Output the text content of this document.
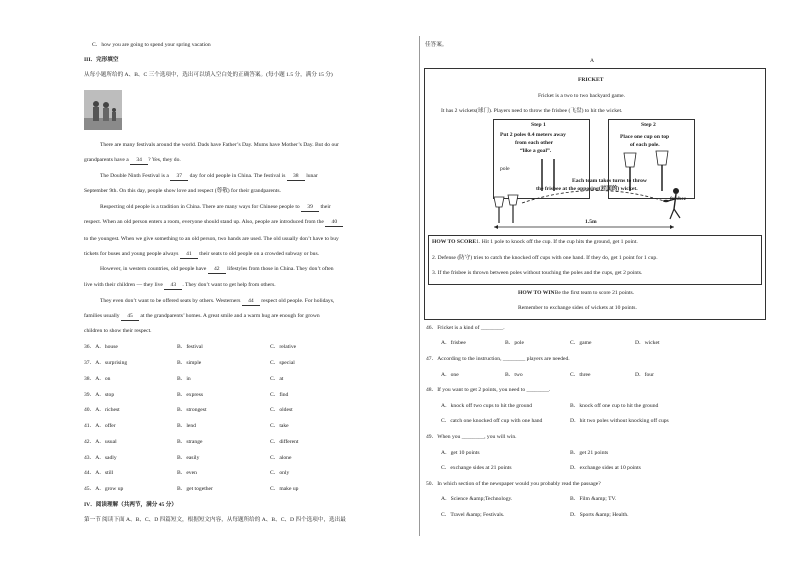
C．how you are going to spend your spring vacation
III．完形填空
从每小题所给的 A、B、C 三个选项中，选出可以填入空白处的正确答案。(每小题 1.5 分，满分 15 分)
There are many festivals around the world. Dads have Father’s Day. Mums have Mother’s Day. But do our
grandparents have a 34 ? Yes, they do.
The Double Ninth Festival is a 37 day for old people in China. The festival is 38 lunar
September 9th. On this day, people show love and respect (尊敬) for their grandparents.
Respecting old people is a tradition in China. There are many ways for Chinese people to 39 their
respect. When an old person enters a room, everyone should stand up. Also, people are introduced from the 40
to the youngest. When we give something to an old person, two hands are used. The old usually don’t have to buy
tickets for buses and young people always 41 their seats to old people on a crowded subway or bus.
However, in western countries, old people have 42 lifestyles from those in China. They don’t often
live with their children — they live 43 . They don’t want to get help from others.
They even don’t want to be offered seats by others. Westerners 44 respect old people. For holidays,
families usually 45 at the grandparents’ homes. A great smile and a warm hug are enough for grown
children to show their respect.
36．A．house	B．festival	C．relative
37．A．surprising	B．simple	C．special
38．A．on	B．in	C．at
39．A．stop	B．express	C．find
40．A．richest	B．strongest	C．oldest
41．A．offer	B．lend	C．take
42．A．usual	B．strange	C．different
43．A．sadly	B．easily	C．alone
44．A．still	B．even	C．only
45．A．grow up	B．get together	C．make up
IV．阅读理解（共两节，满分 45 分）
第一节 阅读下面 A、B、C、D 四篇短文，根据短文内容，从每题所给的 A、B、C、D 四个选项中，选出最
佳答案。
A
FRICKET
Fricket is a two to two backyard game.
It has 2 wickets(球门). Players need to throw the frisbee (飞盘) to hit the wicket.
Step 1
Put 2 poles 0.4 meters away
from each other
“like a goal”.
pole
Step 2
Place one cup on top
of each pole.
Each team takes turns to throw
the frisbee at the opposing(对面的) wicket.
frisbee
1.5m
HOW TO SCORE1. Hit 1 pole to knock off the cup. If the cup hits the ground, get 1 point.
2. Defense (防守) tries to catch the knocked off cups with one hand. If they do, get 1 point for 1 cup.
3. If the frisbee is thrown between poles without touching the poles and the cups, get 2 points.
HOW TO WINBe the first team to score 21 points.
Remember to exchange sides of wickets at 10 points.
46．Fricket is a kind of ________.
A．frisbee	B．pole	C．game	D．wicket
47．According to the instruction, ________ players are needed.
A．one	B．two	C．three	D．four
48．If you want to get 2 points, you need to ________.
A．knock off two cups to hit the ground	B．knock off one cup to hit the ground
C．catch one knocked off cup with one hand	D．hit two poles without knocking off cups
49．When you ________, you will win.
A．get 10 points	B．get 21 points
C．exchange sides at 21 points	D．exchange sides at 10 points
50．In which section of the newspaper would you probably read the passage?
A．Science &amp;Technology.	B．Film &amp; TV.
C．Travel &amp; Festivals.	D．Sports &amp; Health.
